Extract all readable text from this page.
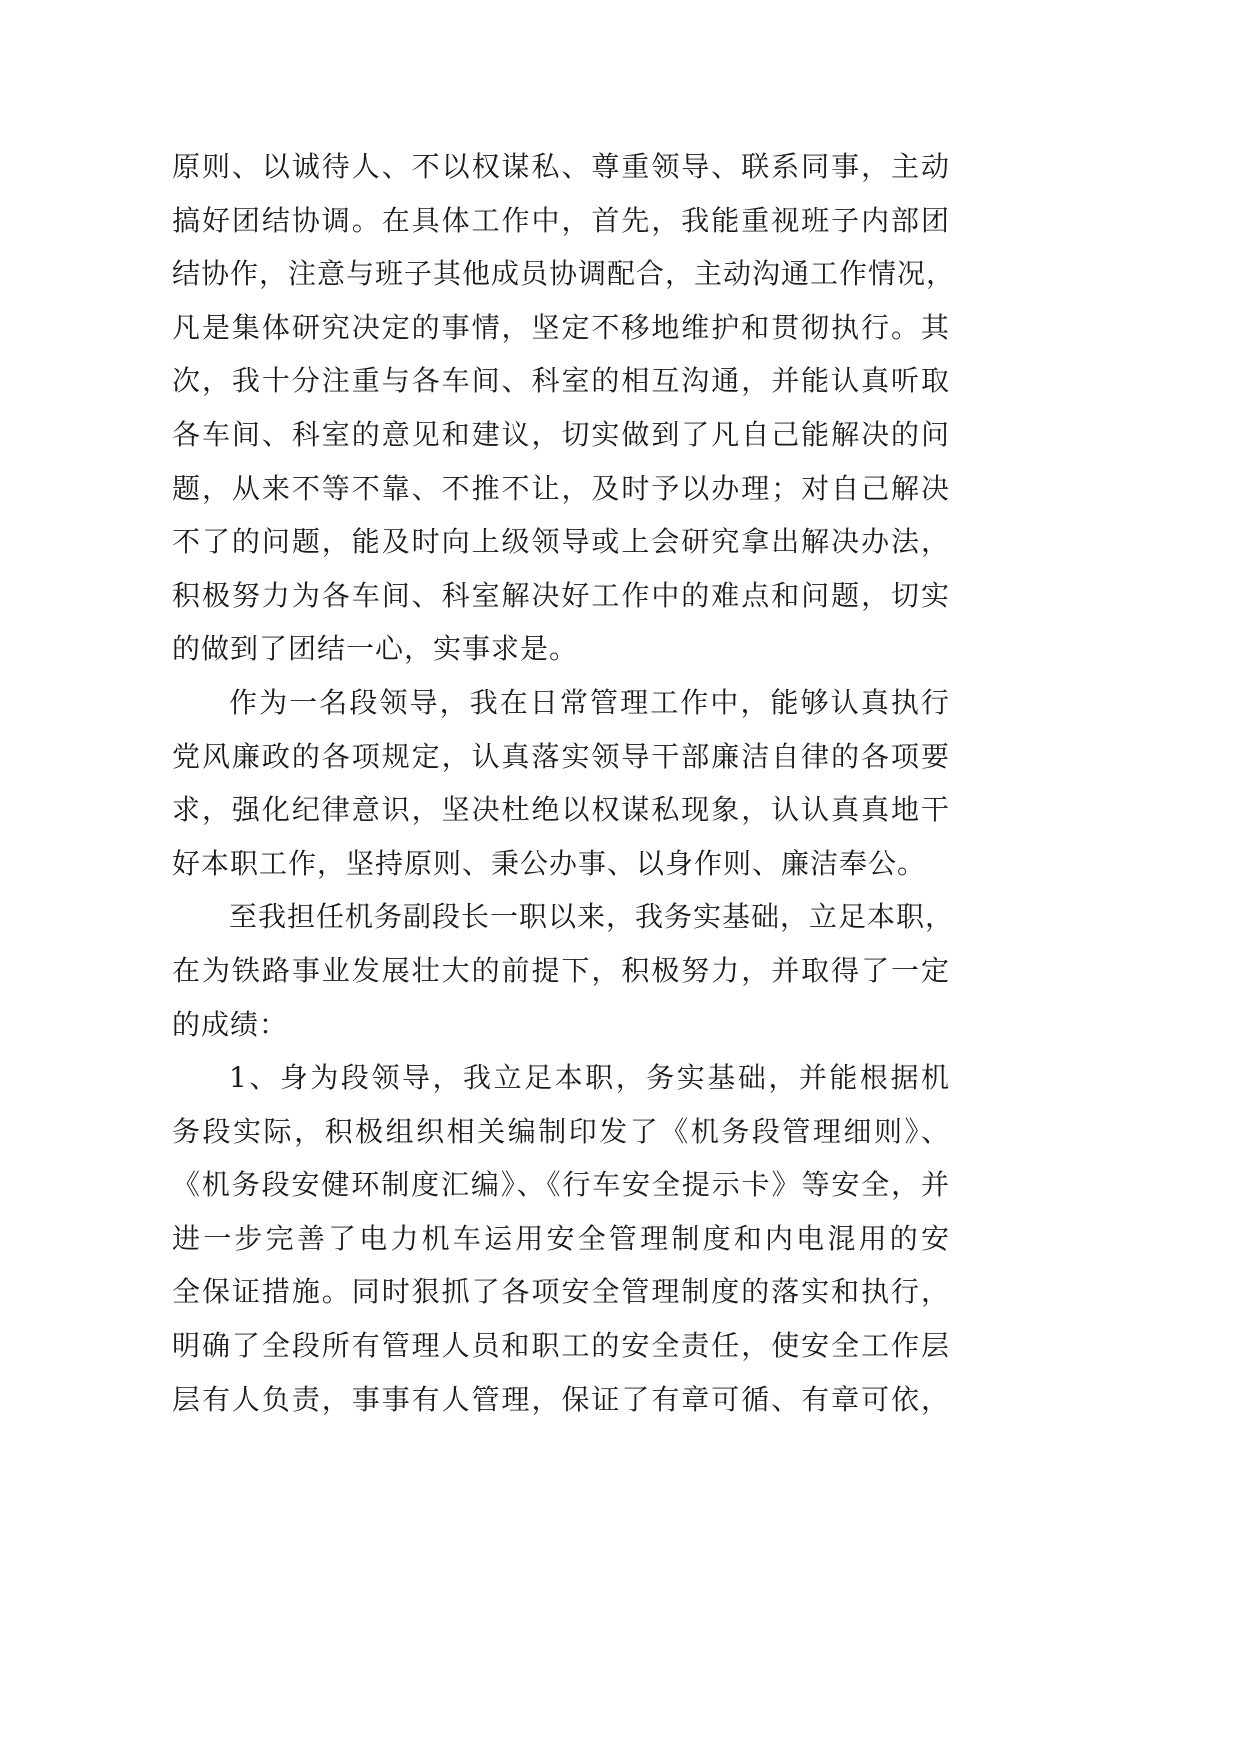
原则、以诚待人、不以权谋私、尊重领导、联系同事，主动
搞好团结协调。在具体工作中，首先，我能重视班子内部团
结协作，注意与班子其他成员协调配合，主动沟通工作情况，
凡是集体研究决定的事情，坚定不移地维护和贯彻执行。其
次，我十分注重与各车间、科室的相互沟通，并能认真听取
各车间、科室的意见和建议，切实做到了凡自己能解决的问
题，从来不等不靠、不推不让，及时予以办理；对自己解决
不了的问题，能及时向上级领导或上会研究拿出解决办法，
积极努力为各车间、科室解决好工作中的难点和问题，切实
的做到了团结一心，实事求是。
作为一名段领导，我在日常管理工作中，能够认真执行
党风廉政的各项规定，认真落实领导干部廉洁自律的各项要
求，强化纪律意识，坚决杜绝以权谋私现象，认认真真地干
好本职工作，坚持原则、秉公办事、以身作则、廉洁奉公。
至我担任机务副段长一职以来，我务实基础，立足本职，
在为铁路事业发展壮大的前提下，积极努力，并取得了一定
的成绩：
1、身为段领导，我立足本职，务实基础，并能根据机
务段实际，积极组织相关编制印发了《机务段管理细则》、
《机务段安健环制度汇编》、《行车安全提示卡》等安全，并
进一步完善了电力机车运用安全管理制度和内电混用的安
全保证措施。同时狠抓了各项安全管理制度的落实和执行，
明确了全段所有管理人员和职工的安全责任，使安全工作层
层有人负责，事事有人管理，保证了有章可循、有章可依，
